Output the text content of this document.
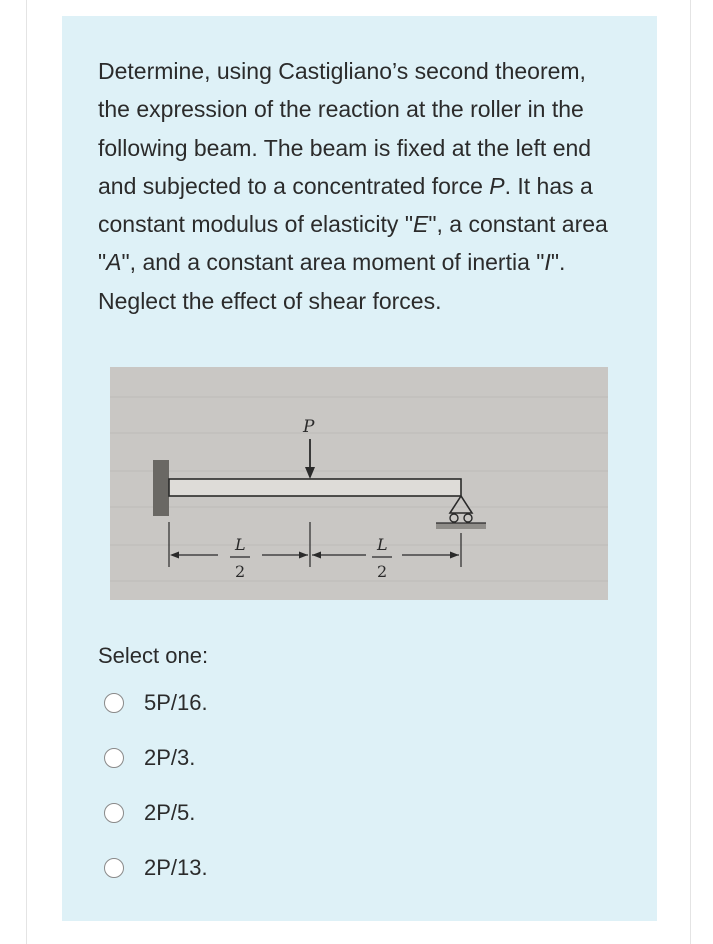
Determine, using Castigliano’s second theorem, the expression of the reaction at the roller in the following beam. The beam is fixed at the left end and subjected to a concentrated force P. It has a constant modulus of elasticity "E", a constant area "A", and a constant area moment of inertia "I". Neglect the effect of shear forces.

P
L
2
L
2
Select one:
5P/16.
2P/3.
2P/5.
2P/13.
